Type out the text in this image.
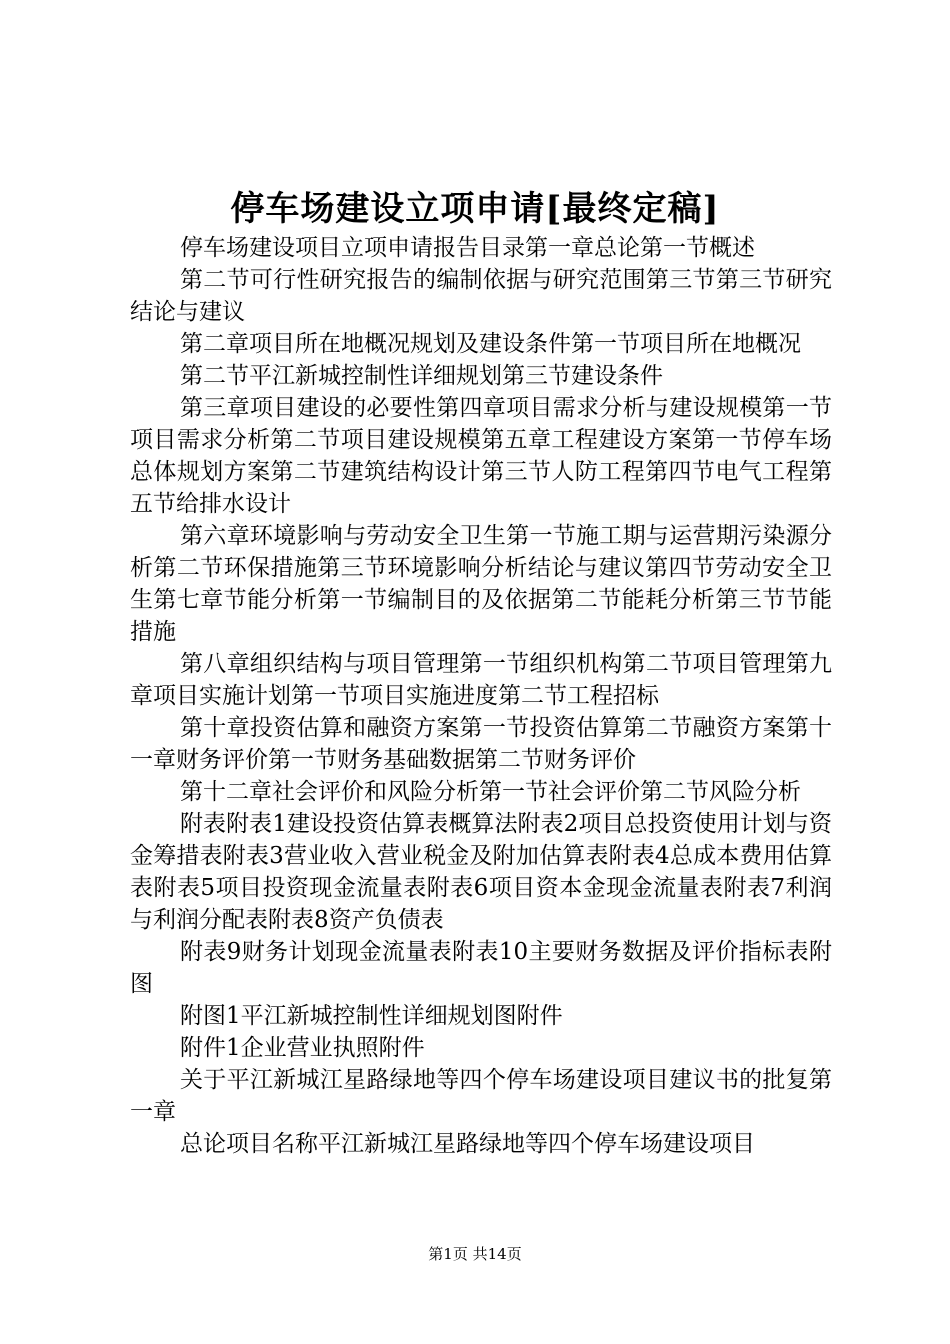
停车场建设立项申请[最终定稿]

停车场建设项目立项申请报告目录第一章总论第一节概述

第二节可行性研究报告的编制依据与研究范围第三节第三节研究结论与建议

第二章项目所在地概况规划及建设条件第一节项目所在地概况

第二节平江新城控制性详细规划第三节建设条件

第三章项目建设的必要性第四章项目需求分析与建设规模第一节项目需求分析第二节项目建设规模第五章工程建设方案第一节停车场总体规划方案第二节建筑结构设计第三节人防工程第四节电气工程第五节给排水设计

第六章环境影响与劳动安全卫生第一节施工期与运营期污染源分析第二节环保措施第三节环境影响分析结论与建议第四节劳动安全卫生第七章节能分析第一节编制目的及依据第二节能耗分析第三节节能措施

第八章组织结构与项目管理第一节组织机构第二节项目管理第九章项目实施计划第一节项目实施进度第二节工程招标

第十章投资估算和融资方案第一节投资估算第二节融资方案第十一章财务评价第一节财务基础数据第二节财务评价

第十二章社会评价和风险分析第一节社会评价第二节风险分析

附表附表1建设投资估算表概算法附表2项目总投资使用计划与资金筹措表附表3营业收入营业税金及附加估算表附表4总成本费用估算表附表5项目投资现金流量表附表6项目资本金现金流量表附表7利润与利润分配表附表8资产负债表

附表9财务计划现金流量表附表10主要财务数据及评价指标表附图

附图1平江新城控制性详细规划图附件

附件1企业营业执照附件

关于平江新城江星路绿地等四个停车场建设项目建议书的批复第一章

总论项目名称平江新城江星路绿地等四个停车场建设项目

第1页 共14页
